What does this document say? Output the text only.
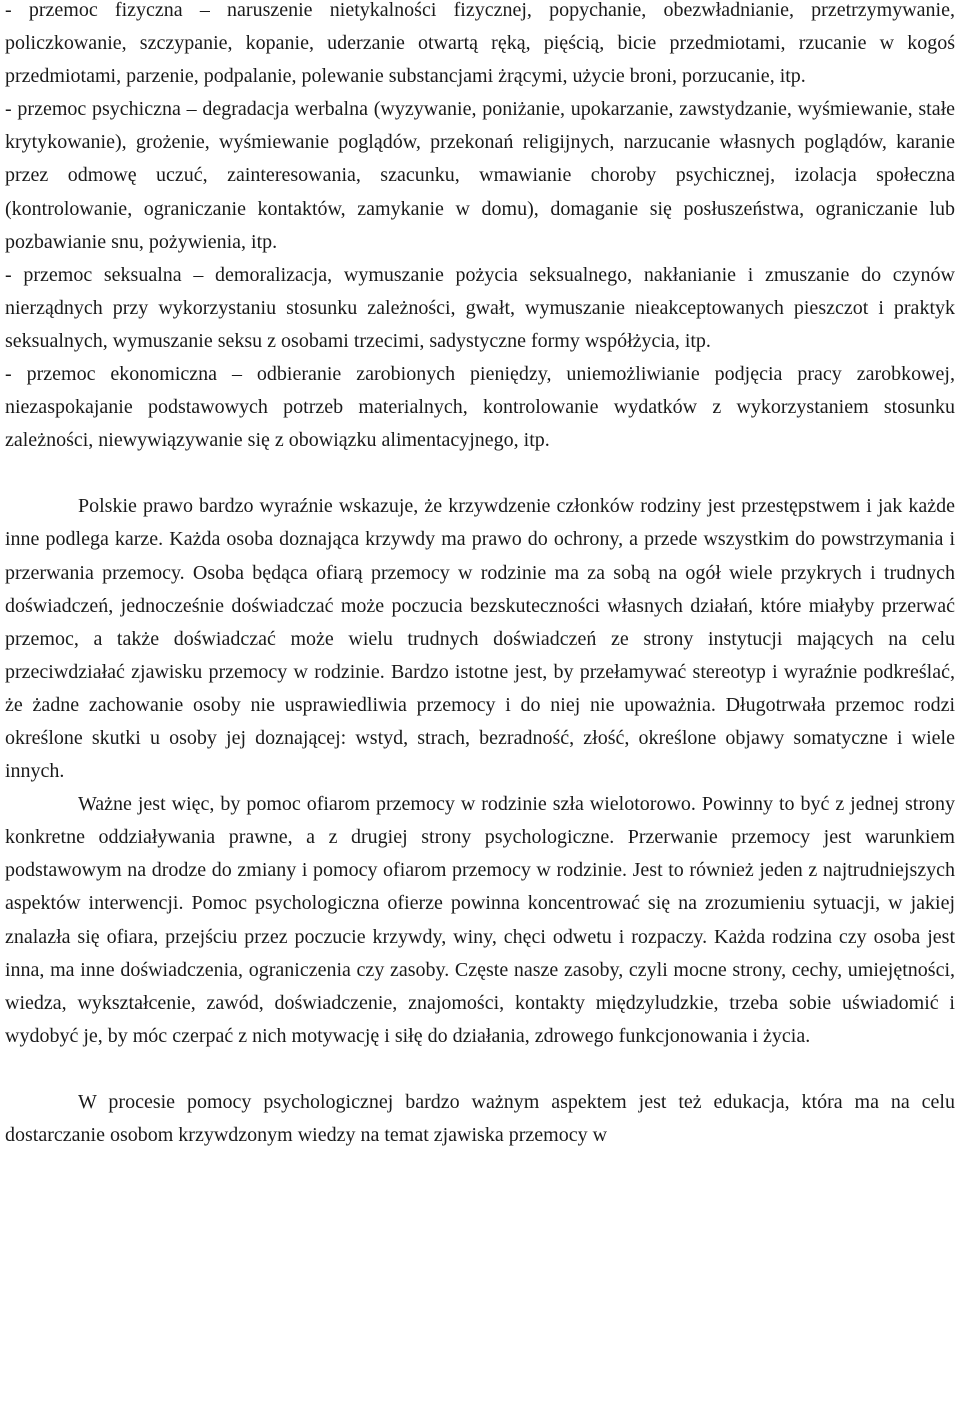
- przemoc fizyczna – naruszenie nietykalności fizycznej, popychanie, obezwładnianie, przetrzymywanie, policzkowanie, szczypanie, kopanie, uderzanie otwartą ręką, pięścią, bicie przedmiotami, rzucanie w kogoś przedmiotami, parzenie, podpalanie, polewanie substancjami żrącymi, użycie broni, porzucanie, itp.

- przemoc psychiczna – degradacja werbalna (wyzywanie, poniżanie, upokarzanie, zawstydzanie, wyśmiewanie, stałe krytykowanie), grożenie, wyśmiewanie poglądów, przekonań religijnych, narzucanie własnych poglądów, karanie przez odmowę uczuć, zainteresowania, szacunku, wmawianie choroby psychicznej, izolacja społeczna (kontrolowanie, ograniczanie kontaktów, zamykanie w domu), domaganie się posłuszeństwa, ograniczanie lub pozbawianie snu, pożywienia, itp.

- przemoc seksualna – demoralizacja, wymuszanie pożycia seksualnego, nakłanianie i zmuszanie do czynów nierządnych przy wykorzystaniu stosunku zależności, gwałt, wymuszanie nieakceptowanych pieszczot i praktyk seksualnych, wymuszanie seksu z osobami trzecimi, sadystyczne formy współżycia, itp.

- przemoc ekonomiczna – odbieranie zarobionych pieniędzy, uniemożliwianie podjęcia pracy zarobkowej, niezaspokajanie podstawowych potrzeb materialnych, kontrolowanie wydatków z wykorzystaniem stosunku zależności, niewywiązywanie się z obowiązku alimentacyjnego, itp.

Polskie prawo bardzo wyraźnie wskazuje, że krzywdzenie członków rodziny jest przestępstwem i jak każde inne podlega karze. Każda osoba doznająca krzywdy ma prawo do ochrony, a przede wszystkim do powstrzymania i przerwania przemocy. Osoba będąca ofiarą przemocy w rodzinie ma za sobą na ogół wiele przykrych i trudnych doświadczeń, jednocześnie doświadczać może poczucia bezskuteczności własnych działań, które miałyby przerwać przemoc, a także doświadczać może wielu trudnych doświadczeń ze strony instytucji mających na celu przeciwdziałać zjawisku przemocy w rodzinie. Bardzo istotne jest, by przełamywać stereotyp i wyraźnie podkreślać, że żadne zachowanie osoby nie usprawiedliwia przemocy i do niej nie upoważnia. Długotrwała przemoc rodzi określone skutki u osoby jej doznającej: wstyd, strach, bezradność, złość, określone objawy somatyczne i wiele innych.

Ważne jest więc, by pomoc ofiarom przemocy w rodzinie szła wielotorowo. Powinny to być z jednej strony konkretne oddziaływania prawne, a z drugiej strony psychologiczne. Przerwanie przemocy jest warunkiem podstawowym na drodze do zmiany i pomocy ofiarom przemocy w rodzinie. Jest to również jeden z najtrudniejszych aspektów interwencji. Pomoc psychologiczna ofierze powinna koncentrować się na zrozumieniu sytuacji, w jakiej znalazła się ofiara, przejściu przez poczucie krzywdy, winy, chęci odwetu i rozpaczy. Każda rodzina czy osoba jest inna, ma inne doświadczenia, ograniczenia czy zasoby. Częste nasze zasoby, czyli mocne strony, cechy, umiejętności, wiedza, wykształcenie, zawód, doświadczenie, znajomości, kontakty międzyludzkie, trzeba sobie uświadomić i wydobyć je, by móc czerpać z nich motywację i siłę do działania, zdrowego funkcjonowania i życia.

W procesie pomocy psychologicznej bardzo ważnym aspektem jest też edukacja, która ma na celu dostarczanie osobom krzywdzonym wiedzy na temat zjawiska przemocy w
